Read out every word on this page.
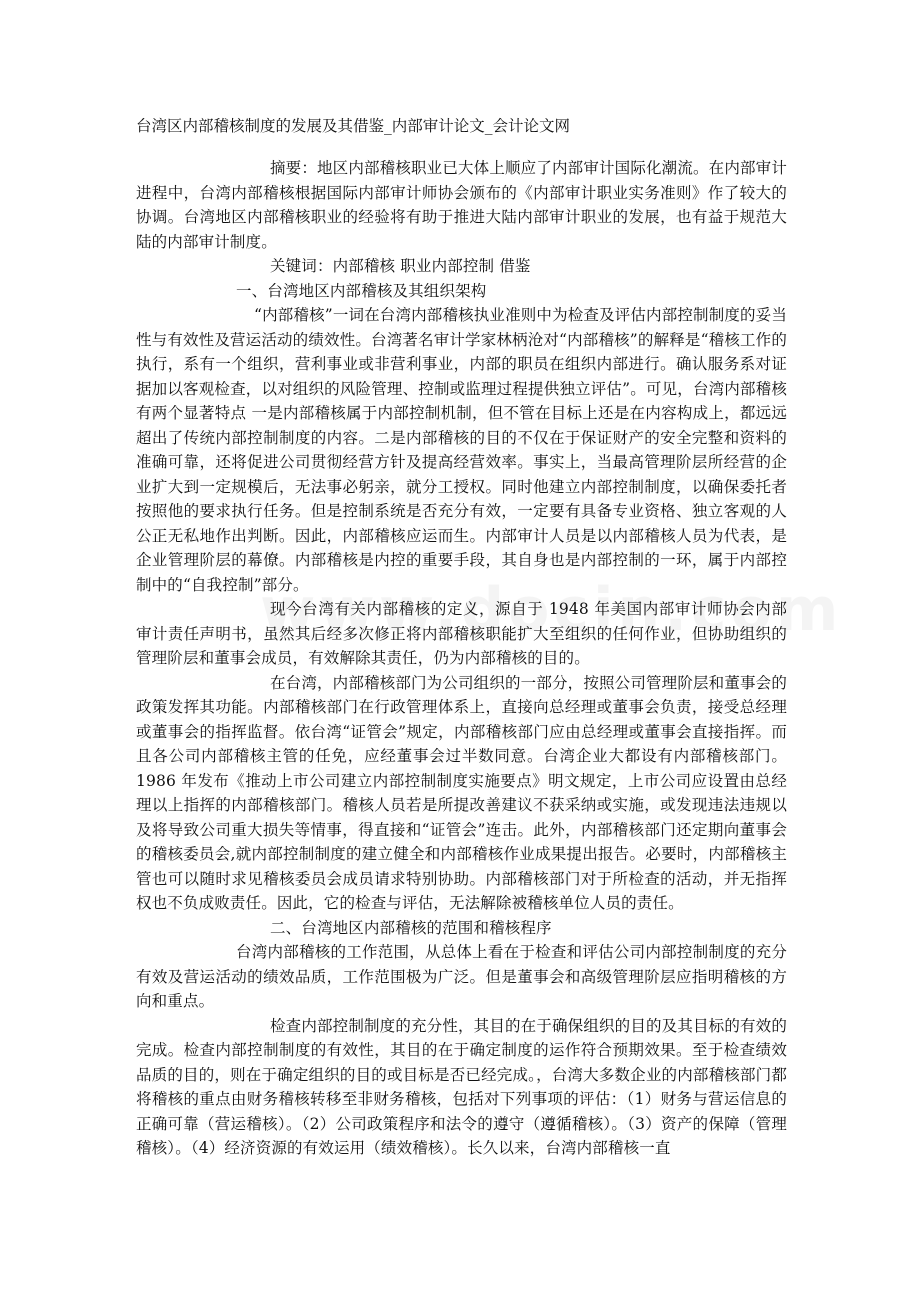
台湾区内部稽核制度的发展及其借鉴_内部审计论文_会计论文网

摘要：地区内部稽核职业已大体上顺应了内部审计国际化潮流。在内部审计进程中，台湾内部稽核根据国际内部审计师协会颁布的《内部审计职业实务准则》作了较大的协调。台湾地区内部稽核职业的经验将有助于推进大陆内部审计职业的发展，也有益于规范大陆的内部审计制度。

关键词：内部稽核 职业内部控制 借鉴

一、台湾地区内部稽核及其组织架构

“内部稽核”一词在台湾内部稽核执业准则中为检查及评估内部控制制度的妥当性与有效性及营运活动的绩效性。台湾著名审计学家林柄沧对“内部稽核”的解释是“稽核工作的执行，系有一个组织，营利事业或非营利事业，内部的职员在组织内部进行。确认服务系对证据加以客观检查，以对组织的风险管理、控制或监理过程提供独立评估”。可见，台湾内部稽核有两个显著特点 一是内部稽核属于内部控制机制，但不管在目标上还是在内容构成上，都远远超出了传统内部控制制度的内容。二是内部稽核的目的不仅在于保证财产的安全完整和资料的准确可靠，还将促进公司贯彻经营方针及提高经营效率。事实上，当最高管理阶层所经营的企业扩大到一定规模后，无法事必躬亲，就分工授权。同时他建立内部控制制度，以确保委托者按照他的要求执行任务。但是控制系统是否充分有效，一定要有具备专业资格、独立客观的人公正无私地作出判断。因此，内部稽核应运而生。内部审计人员是以内部稽核人员为代表，是企业管理阶层的幕僚。内部稽核是内控的重要手段，其自身也是内部控制的一环，属于内部控制中的“自我控制”部分。

现今台湾有关内部稽核的定义，源自于 1948 年美国内部审计师协会内部审计责任声明书，虽然其后经多次修正将内部稽核职能扩大至组织的任何作业，但协助组织的管理阶层和董事会成员，有效解除其责任，仍为内部稽核的目的。

在台湾，内部稽核部门为公司组织的一部分，按照公司管理阶层和董事会的政策发挥其功能。内部稽核部门在行政管理体系上，直接向总经理或董事会负责，接受总经理或董事会的指挥监督。依台湾“证管会”规定，内部稽核部门应由总经理或董事会直接指挥。而且各公司内部稽核主管的任免，应经董事会过半数同意。台湾企业大都设有内部稽核部门。1986 年发布《推动上市公司建立内部控制制度实施要点》明文规定，上市公司应设置由总经理以上指挥的内部稽核部门。稽核人员若是所提改善建议不获采纳或实施，或发现违法违规以及将导致公司重大损失等情事，得直接和“证管会”连击。此外，内部稽核部门还定期向董事会的稽核委员会,就内部控制制度的建立健全和内部稽核作业成果提出报告。必要时，内部稽核主管也可以随时求见稽核委员会成员请求特别协助。内部稽核部门对于所检查的活动，并无指挥权也不负成败责任。因此，它的检查与评估，无法解除被稽核单位人员的责任。

二、台湾地区内部稽核的范围和稽核程序

台湾内部稽核的工作范围，从总体上看在于检查和评估公司内部控制制度的充分有效及营运活动的绩效品质，工作范围极为广泛。但是董事会和高级管理阶层应指明稽核的方向和重点。

检查内部控制制度的充分性，其目的在于确保组织的目的及其目标的有效的完成。检查内部控制制度的有效性，其目的在于确定制度的运作符合预期效果。至于检查绩效品质的目的，则在于确定组织的目的或目标是否已经完成。，台湾大多数企业的内部稽核部门都将稽核的重点由财务稽核转移至非财务稽核，包括对下列事项的评估：（1）财务与营运信息的正确可靠（营运稽核）。（2）公司政策程序和法令的遵守（遵循稽核）。（3）资产的保障（管理稽核）。（4）经济资源的有效运用（绩效稽核）。长久以来，台湾内部稽核一直
